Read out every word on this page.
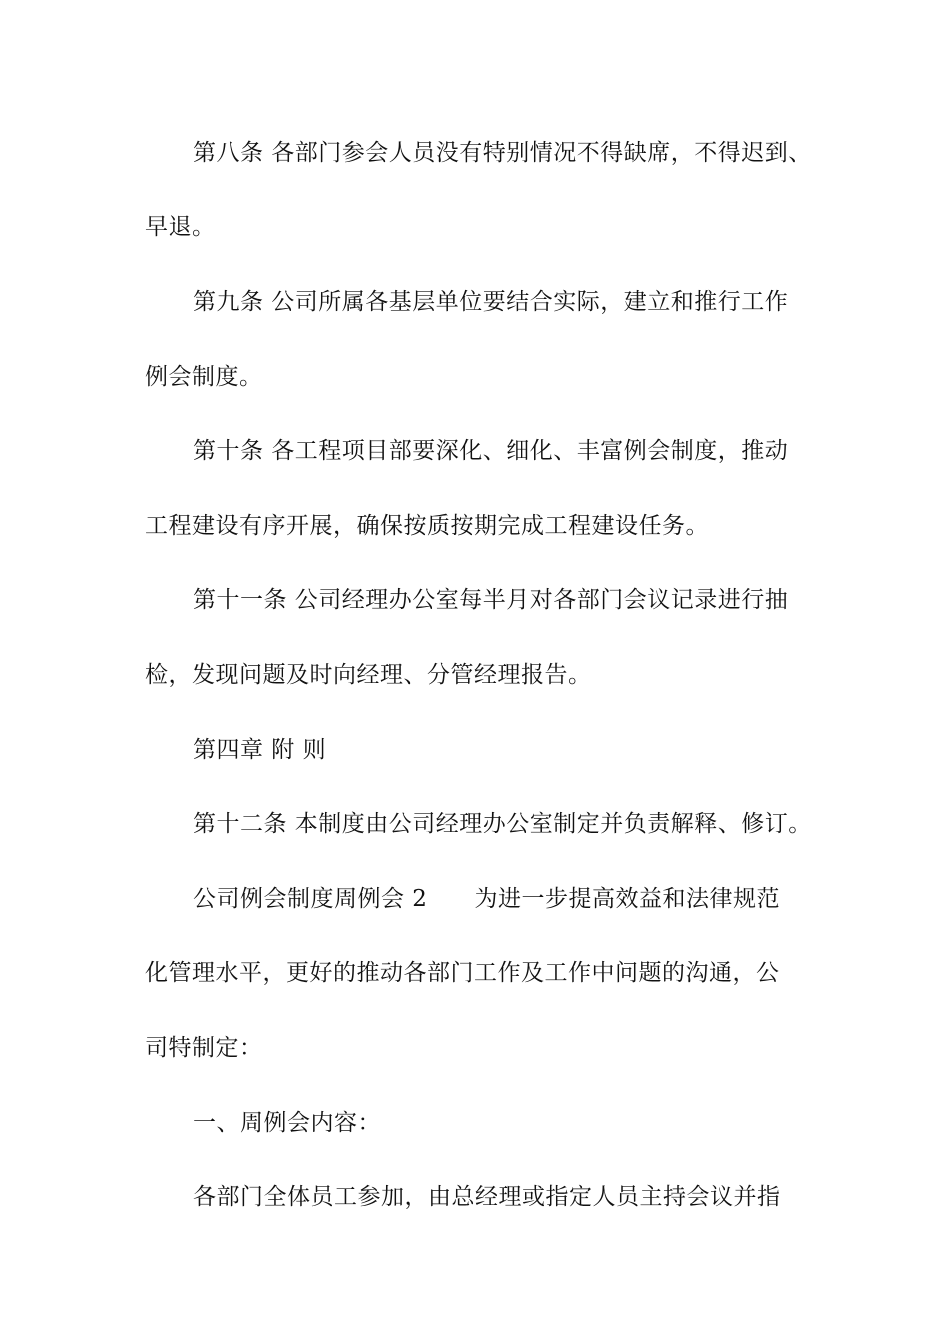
第八条 各部门参会人员没有特别情况不得缺席，不得迟到、
早退。
第九条 公司所属各基层单位要结合实际，建立和推行工作
例会制度。
第十条 各工程项目部要深化、细化、丰富例会制度，推动
工程建设有序开展，确保按质按期完成工程建设任务。
第十一条 公司经理办公室每半月对各部门会议记录进行抽
检，发现问题及时向经理、分管经理报告。
第四章 附 则
第十二条 本制度由公司经理办公室制定并负责解释、修订。
公司例会制度周例会 2　　为进一步提高效益和法律规范
化管理水平，更好的推动各部门工作及工作中问题的沟通，公
司特制定：
一、周例会内容：
各部门全体员工参加，由总经理或指定人员主持会议并指
